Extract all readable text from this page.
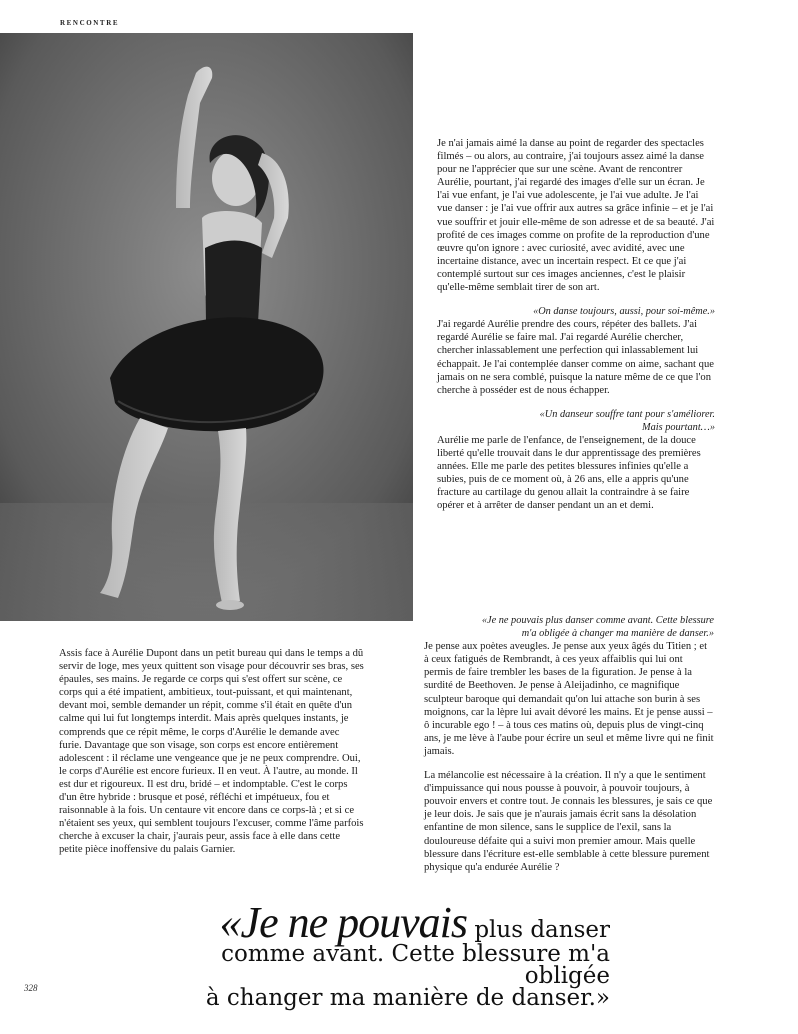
RENCONTRE

Je n'ai jamais aimé la danse au point de regarder des spectacles filmés – ou alors, au contraire, j'ai toujours assez aimé la danse pour ne l'apprécier que sur une scène. Avant de rencontrer Aurélie, pourtant, j'ai regardé des images d'elle sur un écran. Je l'ai vue enfant, je l'ai vue adolescente, je l'ai vue adulte. Je l'ai vue danser : je l'ai vue offrir aux autres sa grâce infinie – et je l'ai vue souffrir et jouir elle-même de son adresse et de sa beauté. J'ai profité de ces images comme on profite de la reproduction d'une œuvre qu'on ignore : avec curiosité, avec avidité, avec une incertaine distance, avec un incertain respect. Et ce que j'ai contemplé surtout sur ces images anciennes, c'est le plaisir qu'elle-même semblait tirer de son art.

«On danse toujours, aussi, pour soi-même.»

J'ai regardé Aurélie prendre des cours, répéter des ballets. J'ai regardé Aurélie se faire mal. J'ai regardé Aurélie chercher, chercher inlassablement une perfection qui inlassablement lui échappait. Je l'ai contemplée danser comme on aime, sachant que jamais on ne sera comblé, puisque la nature même de ce que l'on cherche à posséder est de nous échapper.

«Un danseur souffre tant pour s'améliorer.

Mais pourtant…»

Aurélie me parle de l'enfance, de l'enseignement, de la douce liberté qu'elle trouvait dans le dur apprentissage des premières années. Elle me parle des petites blessures infinies qu'elle a subies, puis de ce moment où, à 26 ans, elle a appris qu'une fracture au cartilage du genou allait la contraindre à se faire opérer et à arrêter de danser pendant un an et demi.

«Je ne pouvais plus danser comme avant. Cette blessure

m'a obligée à changer ma manière de danser.»

Je pense aux poètes aveugles. Je pense aux yeux âgés du Titien ; et à ceux fatigués de Rembrandt, à ces yeux affaiblis qui lui ont permis de faire trembler les bases de la figuration. Je pense à la surdité de Beethoven. Je pense à Aleijadinho, ce magnifique sculpteur baroque qui demandait qu'on lui attache son burin à ses moignons, car la lèpre lui avait dévoré les mains. Et je pense aussi – ô incurable ego ! – à tous ces matins où, depuis plus de vingt-cinq ans, je me lève à l'aube pour écrire un seul et même livre qui ne finit jamais.

La mélancolie est nécessaire à la création. Il n'y a que le sentiment d'impuissance qui nous pousse à pouvoir, à pouvoir toujours, à pouvoir envers et contre tout. Je connais les blessures, je sais ce que je leur dois. Je sais que je n'aurais jamais écrit sans la désolation enfantine de mon silence, sans le supplice de l'exil, sans la douloureuse défaite qui a suivi mon premier amour. Mais quelle blessure dans l'écriture est-elle semblable à cette blessure purement physique qu'a endurée Aurélie ?

Assis face à Aurélie Dupont dans un petit bureau qui dans le temps a dû servir de loge, mes yeux quittent son visage pour découvrir ses bras, ses épaules, ses mains. Je regarde ce corps qui s'est offert sur scène, ce corps qui a été impatient, ambitieux, tout-puissant, et qui maintenant, devant moi, semble demander un répit, comme s'il était en quête d'un calme qui lui fut longtemps interdit. Mais après quelques instants, je comprends que ce répit même, le corps d'Aurélie le demande avec furie. Davantage que son visage, son corps est encore entièrement adolescent : il réclame une vengeance que je ne peux comprendre. Oui, le corps d'Aurélie est encore furieux. Il en veut. À l'autre, au monde. Il est dur et rigoureux. Il est dru, bridé – et indomptable. C'est le corps d'un être hybride : brusque et posé, réfléchi et impétueux, fou et raisonnable à la fois. Un centaure vit encore dans ce corps-là ; et si ce n'étaient ses yeux, qui semblent toujours l'excuser, comme l'âme parfois cherche à excuser la chair, j'aurais peur, assis face à elle dans cette petite pièce inoffensive du palais Garnier.

«Je ne pouvais plus danser
comme avant. Cette blessure m'a obligée
à changer ma manière de danser.»
328
